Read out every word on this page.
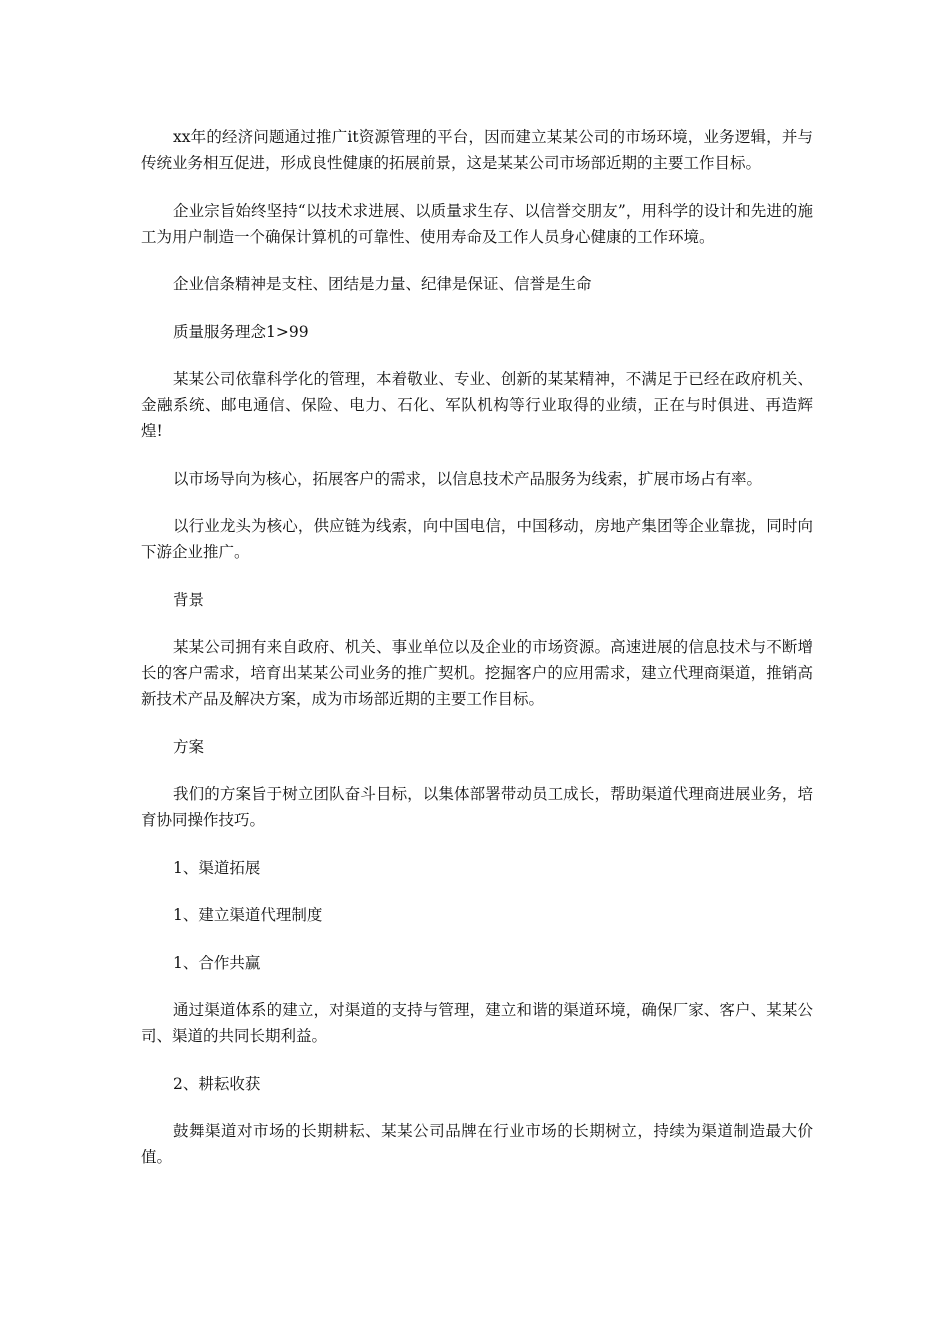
xx年的经济问题通过推广it资源管理的平台，因而建立某某公司的市场环境，业务逻辑，并与传统业务相互促进，形成良性健康的拓展前景，这是某某公司市场部近期的主要工作目标。

企业宗旨始终坚持“以技术求进展、以质量求生存、以信誉交朋友”，用科学的设计和先进的施工为用户制造一个确保计算机的可靠性、使用寿命及工作人员身心健康的工作环境。

企业信条精神是支柱、团结是力量、纪律是保证、信誉是生命

质量服务理念1>99

某某公司依靠科学化的管理，本着敬业、专业、创新的某某精神，不满足于已经在政府机关、金融系统、邮电通信、保险、电力、石化、军队机构等行业取得的业绩，正在与时俱进、再造辉煌!

以市场导向为核心，拓展客户的需求，以信息技术产品服务为线索，扩展市场占有率。

以行业龙头为核心，供应链为线索，向中国电信，中国移动，房地产集团等企业靠拢，同时向下游企业推广。

背景

某某公司拥有来自政府、机关、事业单位以及企业的市场资源。高速进展的信息技术与不断增长的客户需求，培育出某某公司业务的推广契机。挖掘客户的应用需求，建立代理商渠道，推销高新技术产品及解决方案，成为市场部近期的主要工作目标。

方案

我们的方案旨于树立团队奋斗目标，以集体部署带动员工成长，帮助渠道代理商进展业务，培育协同操作技巧。

1、渠道拓展

1、建立渠道代理制度

1、合作共赢

通过渠道体系的建立，对渠道的支持与管理，建立和谐的渠道环境，确保厂家、客户、某某公司、渠道的共同长期利益。

2、耕耘收获

鼓舞渠道对市场的长期耕耘、某某公司品牌在行业市场的长期树立，持续为渠道制造最大价值。
